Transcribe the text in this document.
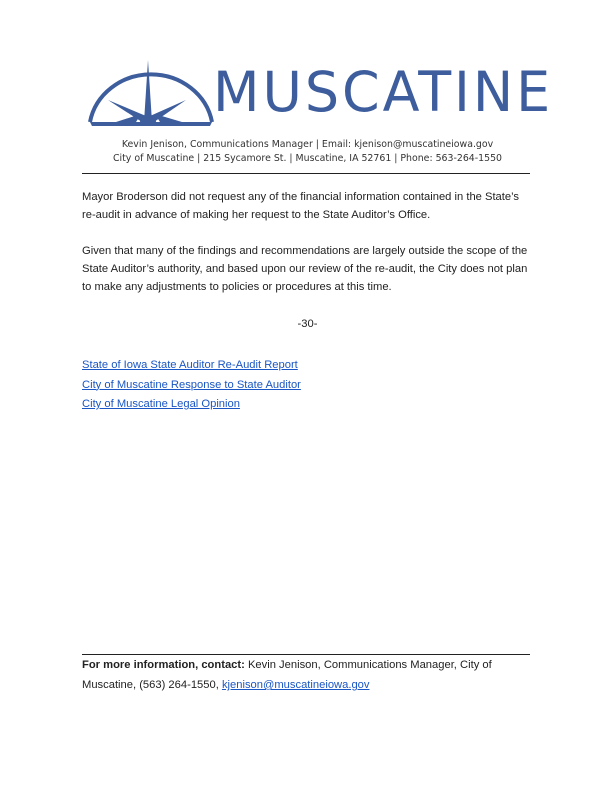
MUSCATINE
Kevin Jenison, Communications Manager | Email: kjenison@muscatineiowa.gov
City of Muscatine | 215 Sycamore St. | Muscatine, IA 52761 | Phone: 563-264-1550
Mayor Broderson did not request any of the financial information contained in the State’s re-audit in advance of making her request to the State Auditor’s Office.
Given that many of the findings and recommendations are largely outside the scope of the State Auditor’s authority, and based upon our review of the re-audit, the City does not plan to make any adjustments to policies or procedures at this time.
-30-
State of Iowa State Auditor Re-Audit Report
City of Muscatine Response to State Auditor
City of Muscatine Legal Opinion
For more information, contact: Kevin Jenison, Communications Manager, City of Muscatine, (563) 264-1550, kjenison@muscatineiowa.gov
